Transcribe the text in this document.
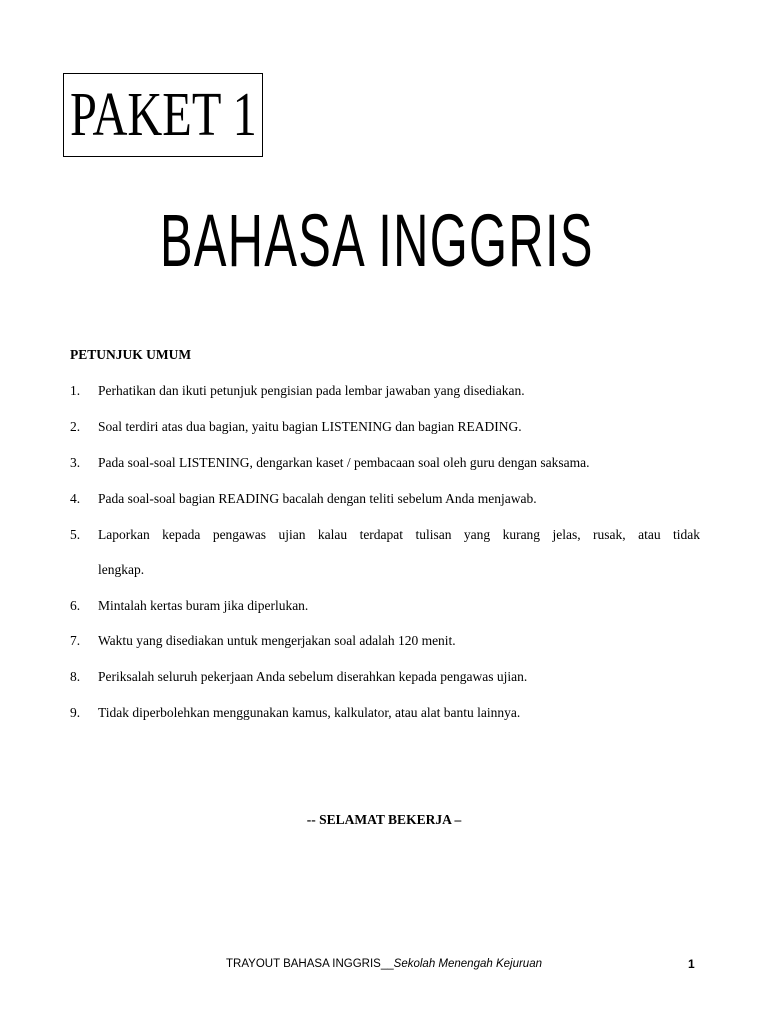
PAKET 1
BAHASA INGGRIS
PETUNJUK UMUM
1. Perhatikan dan ikuti petunjuk pengisian pada lembar jawaban yang disediakan.
2. Soal terdiri atas dua bagian, yaitu bagian LISTENING dan bagian READING.
3. Pada soal-soal LISTENING, dengarkan kaset / pembacaan soal oleh guru dengan saksama.
4. Pada soal-soal bagian READING bacalah dengan teliti sebelum Anda menjawab.
5. Laporkan kepada pengawas ujian kalau terdapat tulisan yang kurang jelas, rusak, atau tidak
lengkap.
6. Mintalah kertas buram jika diperlukan.
7. Waktu yang disediakan untuk mengerjakan soal adalah 120 menit.
8. Periksalah seluruh pekerjaan Anda sebelum diserahkan kepada pengawas ujian.
9. Tidak diperbolehkan menggunakan kamus, kalkulator, atau alat bantu lainnya.
-- SELAMAT BEKERJA –
TRAYOUT BAHASA INGGRIS__Sekolah Menengah Kejuruan	1
